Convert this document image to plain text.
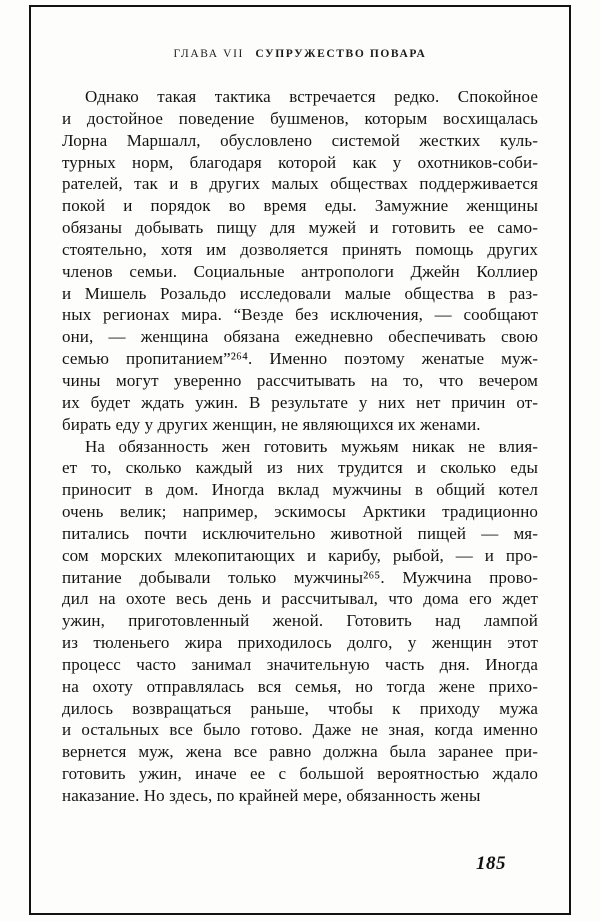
ГЛАВА VII СУПРУЖЕСТВО ПОВАРА

Однако такая тактика встречается редко. Спокойное
и достойное поведение бушменов, которым восхищалась
Лорна Маршалл, обусловлено системой жестких куль-
турных норм, благодаря которой как у охотников-соби-
рателей, так и в других малых обществах поддерживается
покой и порядок во время еды. Замужние женщины
обязаны добывать пищу для мужей и готовить ее само-
стоятельно, хотя им дозволяется принять помощь других
членов семьи. Социальные антропологи Джейн Коллиер
и Мишель Розальдо исследовали малые общества в раз-
ных регионах мира. “Везде без исключения, — сообщают
они, — женщина обязана ежедневно обеспечивать свою
семью пропитанием”²⁶⁴. Именно поэтому женатые муж-
чины могут уверенно рассчитывать на то, что вечером
их будет ждать ужин. В результате у них нет причин от-
бирать еду у других женщин, не являющихся их женами.

На обязанность жен готовить мужьям никак не влия-
ет то, сколько каждый из них трудится и сколько еды
приносит в дом. Иногда вклад мужчины в общий котел
очень велик; например, эскимосы Арктики традиционно
питались почти исключительно животной пищей — мя-
сом морских млекопитающих и карибу, рыбой, — и про-
питание добывали только мужчины²⁶⁵. Мужчина прово-
дил на охоте весь день и рассчитывал, что дома его ждет
ужин, приготовленный женой. Готовить над лампой
из тюленьего жира приходилось долго, у женщин этот
процесс часто занимал значительную часть дня. Иногда
на охоту отправлялась вся семья, но тогда жене прихо-
дилось возвращаться раньше, чтобы к приходу мужа
и остальных все было готово. Даже не зная, когда именно
вернется муж, жена все равно должна была заранее при-
готовить ужин, иначе ее с большой вероятностью ждало
наказание. Но здесь, по крайней мере, обязанность жены

185
